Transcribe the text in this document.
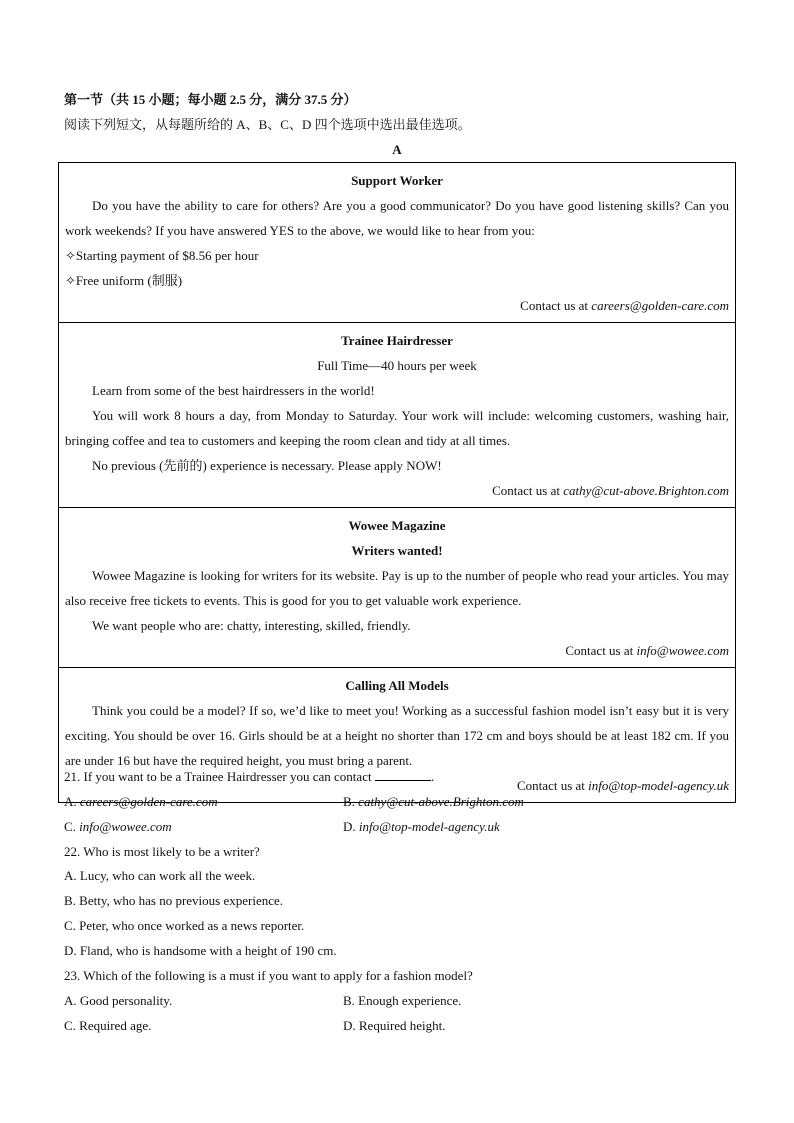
第一节（共 15 小题；每小题 2.5 分，满分 37.5 分）
阅读下列短文，从每题所给的 A、B、C、D 四个选项中选出最佳选项。
A
Support Worker
Do you have the ability to care for others? Are you a good communicator? Do you have good listening skills? Can you work weekends? If you have answered YES to the above, we would like to hear from you:
✧Starting payment of $8.56 per hour
✧Free uniform (制服)
Contact us at careers@golden-care.com
Trainee Hairdresser
Full Time—40 hours per week
Learn from some of the best hairdressers in the world!
You will work 8 hours a day, from Monday to Saturday. Your work will include: welcoming customers, washing hair, bringing coffee and tea to customers and keeping the room clean and tidy at all times.
No previous (先前的) experience is necessary. Please apply NOW!
Contact us at cathy@cut-above.Brighton.com
Wowee Magazine
Writers wanted!
Wowee Magazine is looking for writers for its website. Pay is up to the number of people who read your articles. You may also receive free tickets to events. This is good for you to get valuable work experience.
We want people who are: chatty, interesting, skilled, friendly.
Contact us at info@wowee.com
Calling All Models
Think you could be a model? If so, we’d like to meet you! Working as a successful fashion model isn’t easy but it is very exciting. You should be over 16. Girls should be at a height no shorter than 172 cm and boys should be at least 182 cm. If you are under 16 but have the required height, you must bring a parent.
Contact us at info@top-model-agency.uk
21. If you want to be a Trainee Hairdresser you can contact	.
A. careers@golden-care.com	B. cathy@cut-above.Brighton.com
C. info@wowee.com	D. info@top-model-agency.uk
22. Who is most likely to be a writer?
A. Lucy, who can work all the week.
B. Betty, who has no previous experience.
C. Peter, who once worked as a news reporter.
D. Fland, who is handsome with a height of 190 cm.
23. Which of the following is a must if you want to apply for a fashion model?
A. Good personality.	B. Enough experience.
C. Required age.	D. Required height.
